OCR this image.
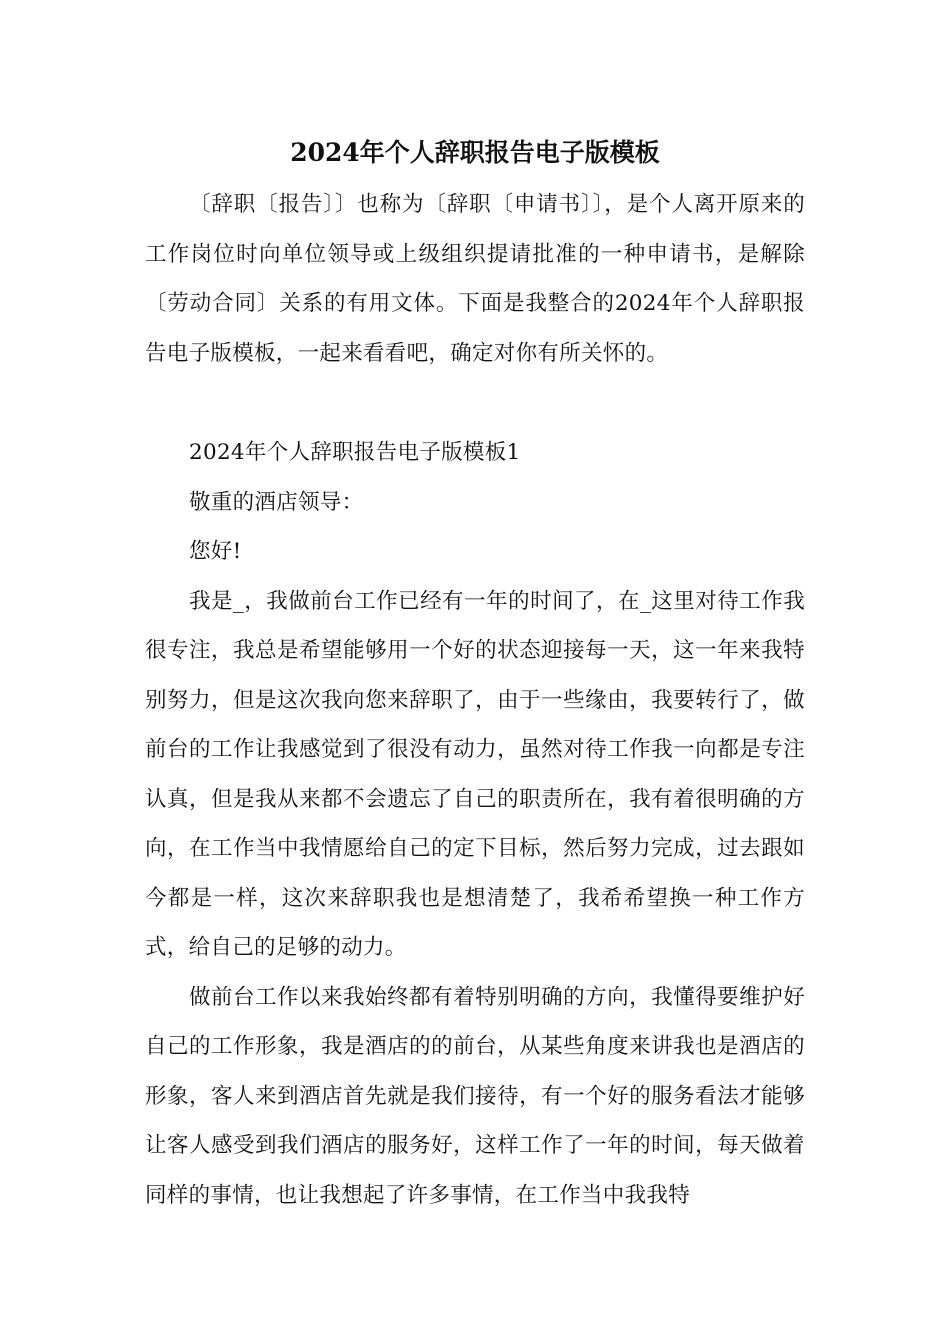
2024年个人辞职报告电子版模板

〔辞职〔报告〕〕也称为〔辞职〔申请书〕〕，是个人离开原来的工作岗位时向单位领导或上级组织提请批准的一种申请书，是解除〔劳动合同〕关系的有用文体。下面是我整合的2024年个人辞职报告电子版模板，一起来看看吧，确定对你有所关怀的。

2024年个人辞职报告电子版模板1

敬重的酒店领导：

您好!

我是_，我做前台工作已经有一年的时间了，在_这里对待工作我很专注，我总是希望能够用一个好的状态迎接每一天，这一年来我特别努力，但是这次我向您来辞职了，由于一些缘由，我要转行了，做前台的工作让我感觉到了很没有动力，虽然对待工作我一向都是专注认真，但是我从来都不会遗忘了自己的职责所在，我有着很明确的方向，在工作当中我情愿给自己的定下目标，然后努力完成，过去跟如今都是一样，这次来辞职我也是想清楚了，我希希望换一种工作方式，给自己的足够的动力。

做前台工作以来我始终都有着特别明确的方向，我懂得要维护好自己的工作形象，我是酒店的的前台，从某些角度来讲我也是酒店的形象，客人来到酒店首先就是我们接待，有一个好的服务看法才能够让客人感受到我们酒店的服务好，这样工作了一年的时间，每天做着同样的事情，也让我想起了许多事情，在工作当中我我特
